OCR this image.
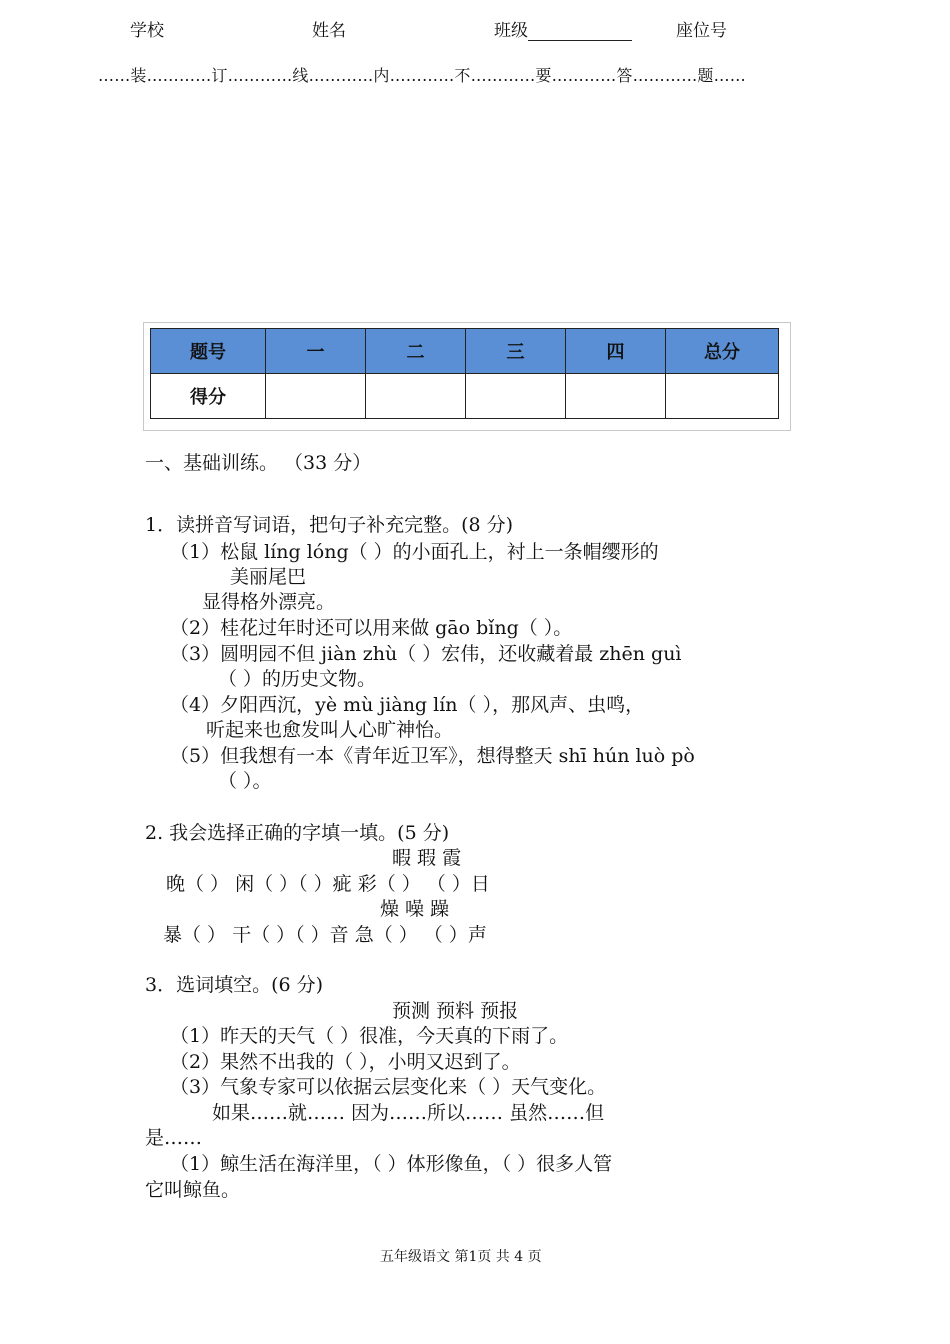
学校	姓名	班级	座位号
……装…………订…………线…………内…………不…………要…………答…………题……
题号	一	二	三	四	总分
得分					
一、基础训练。 （33 分）
1．读拼音写词语，把句子补充完整。(8 分)
（1）松鼠 líng lóng（ ）的小面孔上，衬上一条帽缨形的
美丽尾巴
显得格外漂亮。
（2）桂花过年时还可以用来做 gāo bǐng（ ）。
（3）圆明园不但 jiàn zhù（ ）宏伟，还收藏着最 zhēn guì
（ ）的历史文物。
（4）夕阳西沉，yè mù jiàng lín（ ），那风声、虫鸣，
听起来也愈发叫人心旷神怡。
（5）但我想有一本《青年近卫军》，想得整天 shī hún luò pò
（ ）。
2. 我会选择正确的字填一填。(5 分)
暇 瑕 霞
晚（ ） 闲（ ）（ ）疵 彩（ ） （ ）日
燥 噪 躁
暴（ ） 干（ ）（ ）音 急（ ） （ ）声
3．选词填空。(6 分)
预测 预料 预报
（1）昨天的天气（ ）很准，今天真的下雨了。
（2）果然不出我的（ ），小明又迟到了。
（3）气象专家可以依据云层变化来（ ）天气变化。
如果……就…… 因为……所以…… 虽然……但
是……
（1）鲸生活在海洋里，（ ）体形像鱼，（ ）很多人管
它叫鲸鱼。
五年级语文 第1页 共 4 页
